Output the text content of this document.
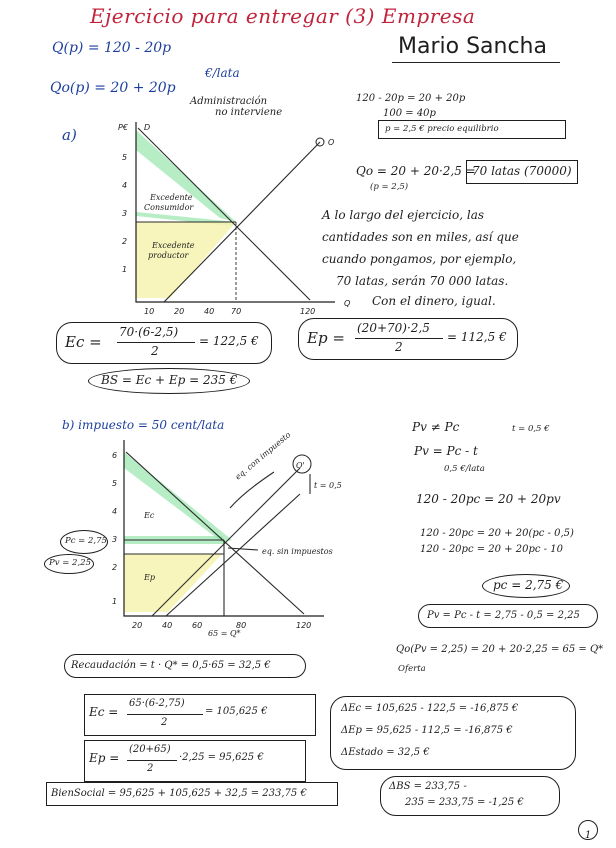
Ejercicio para entregar (3) Empresa
Mario Sancha
Q(p) = 120 - 20p
Qo(p) = 20 + 20p
€/lata
Administración
no interviene
120 - 20p = 20 + 20p
100 = 40p
p = 2,5 € precio equilibrio
Qo = 20 + 20·2,5 =
(p = 2,5)
70 latas (70000)
A lo largo del ejercicio, las
cantidades son en miles, así que
cuando pongamos, por ejemplo,
70 latas, serán 70 000 latas.
Con el dinero, igual.
a)
5
4
3
2
1
P€ D
O
10 20 40 70	120
Q
Excedente
Consumidor
Excedente
productor
Ec =
70·(6-2,5)
2
= 122,5 €	Ep =
(20+70)·2,5
2
= 112,5 €
BS = Ec + Ep = 235 €
b) impuesto = 50 cent/lata
6
5
4
3
2
1
20 40 60	80	120
eq. con impuesto
eq. sin impuestos
O'
t = 0,5
Ec
Ep
65 = Q*
Pc = 2,75
Pv = 2,25
Pv ≠ Pc	t = 0,5 €
Pv = Pc - t
0,5 €/lata
120 - 20pc = 20 + 20pv
120 - 20pc = 20 + 20(pc - 0,5)
120 - 20pc = 20 + 20pc - 10
pc = 2,75 €
Pv = Pc - t = 2,75 - 0,5 = 2,25
Qo(Pv = 2,25) = 20 + 20·2,25 = 65 = Q*
Oferta
Recaudación = t · Q* = 0,5·65 = 32,5 €
Ec =
65·(6-2,75)
2
= 105,625 €
Ep =
(20+65)
2
·2,25 = 95,625 €
BienSocial = 95,625 + 105,625 + 32,5 = 233,75 €
ΔEc = 105,625 - 122,5 = -16,875 €
ΔEp = 95,625 - 112,5 = -16,875 €
ΔEstado = 32,5 €
ΔBS = 233,75 -
235 = 233,75 = -1,25 €
1
